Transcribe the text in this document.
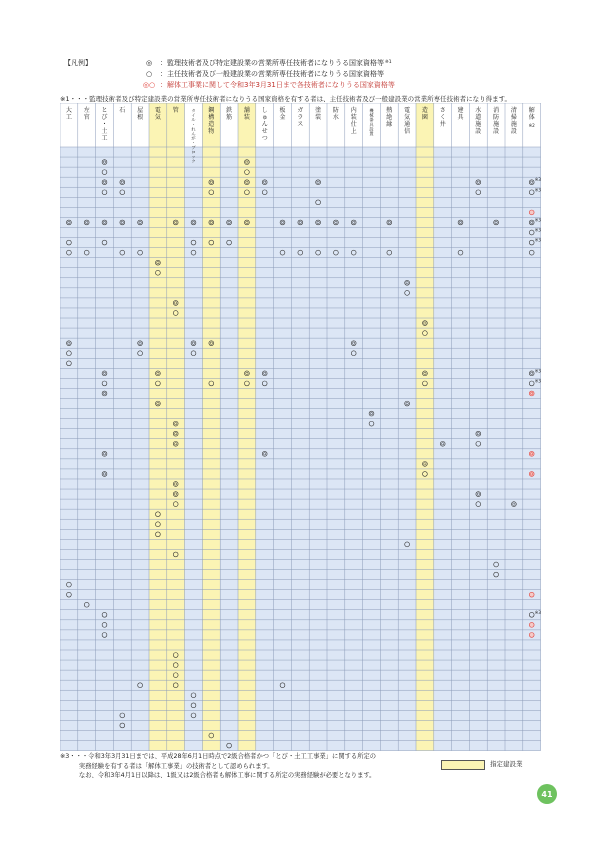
【凡例】	◎ ：監理技術者及び特定建設業の営業所専任技術者になりうる国家資格等$^{※1}$
○ ：主任技術者及び一般建設業の営業所専任技術者になりうる国家資格等
◎○ ：解体工事業に関して令和3年3月31日まで各技術者になりうる国家資格等
※1・・・監理技術者及び特定建設業の営業所専任技術者になりうる国家資格を有する者は、主任技術者及び一般建設業の営業所専任技術者になり得ます。
大工
左官
とび・土工
石 屋根
電気
管	タイル・れんが・ブロック
鋼構造物
鉄筋
舗装
しゅんせつ
板金
ガラス
塗装
防水
内装仕上
機械器具設置
熱絶縁
電気通信
造園
さく井
建具
水道施設
消防施設
清掃施設
解体
※2
※3
※3
※3
※3
※3
※3
※3
※3
※3・・・令和3年3月31日までは、平成28年6月1日時点で2級合格者かつ「とび・土工工事業」に関する所定の
　　　実務経験を有する者は「解体工事業」の技術者として認められます。
　　　なお、令和3年4月1日以降は、1級又は2級合格者も解体工事に関する所定の実務経験が必要となります。
指定建設業
41
